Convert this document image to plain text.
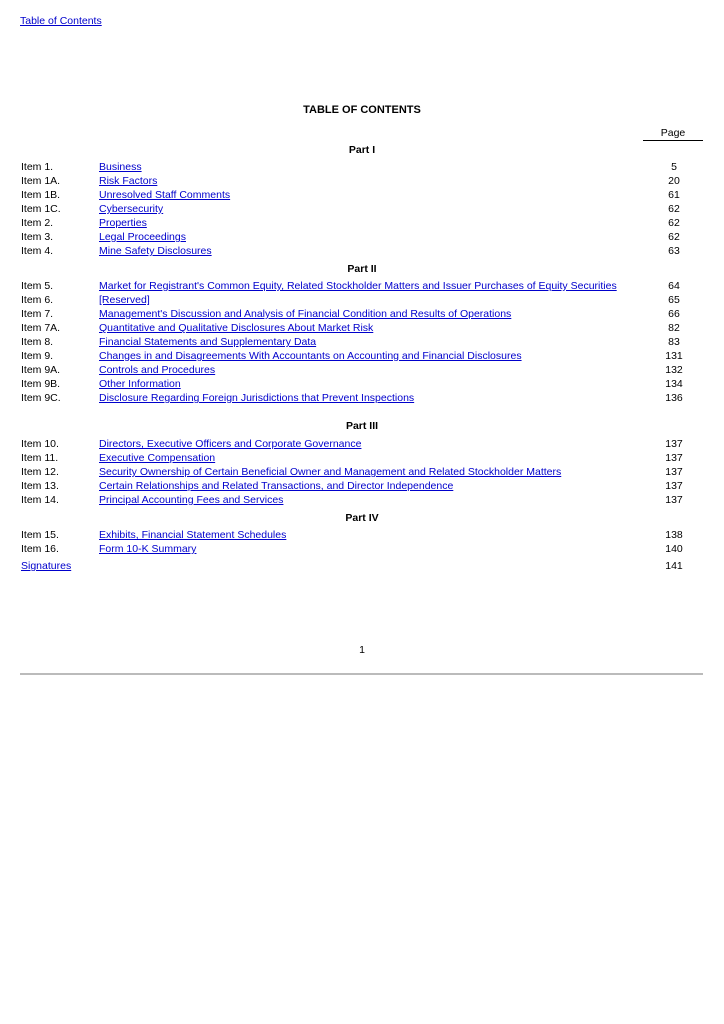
Table of Contents
TABLE OF CONTENTS
Page
Part I
Item 1.	Business	5
Item 1A.	Risk Factors	20
Item 1B.	Unresolved Staff Comments	61
Item 1C.	Cybersecurity	62
Item 2.	Properties	62
Item 3.	Legal Proceedings	62
Item 4.	Mine Safety Disclosures	63
Part II
Item 5.	Market for Registrant's Common Equity, Related Stockholder Matters and Issuer Purchases of Equity Securities	64
Item 6.	[Reserved]	65
Item 7.	Management's Discussion and Analysis of Financial Condition and Results of Operations	66
Item 7A.	Quantitative and Qualitative Disclosures About Market Risk	82
Item 8.	Financial Statements and Supplementary Data	83
Item 9.	Changes in and Disagreements With Accountants on Accounting and Financial Disclosures	131
Item 9A.	Controls and Procedures	132
Item 9B.	Other Information	134
Item 9C.	Disclosure Regarding Foreign Jurisdictions that Prevent Inspections	136
Part III
Item 10.	Directors, Executive Officers and Corporate Governance	137
Item 11.	Executive Compensation	137
Item 12.	Security Ownership of Certain Beneficial Owner and Management and Related Stockholder Matters	137
Item 13.	Certain Relationships and Related Transactions, and Director Independence	137
Item 14.	Principal Accounting Fees and Services	137
Part IV
Item 15.	Exhibits, Financial Statement Schedules	138
Item 16.	Form 10-K Summary	140
Signatures	141
1
